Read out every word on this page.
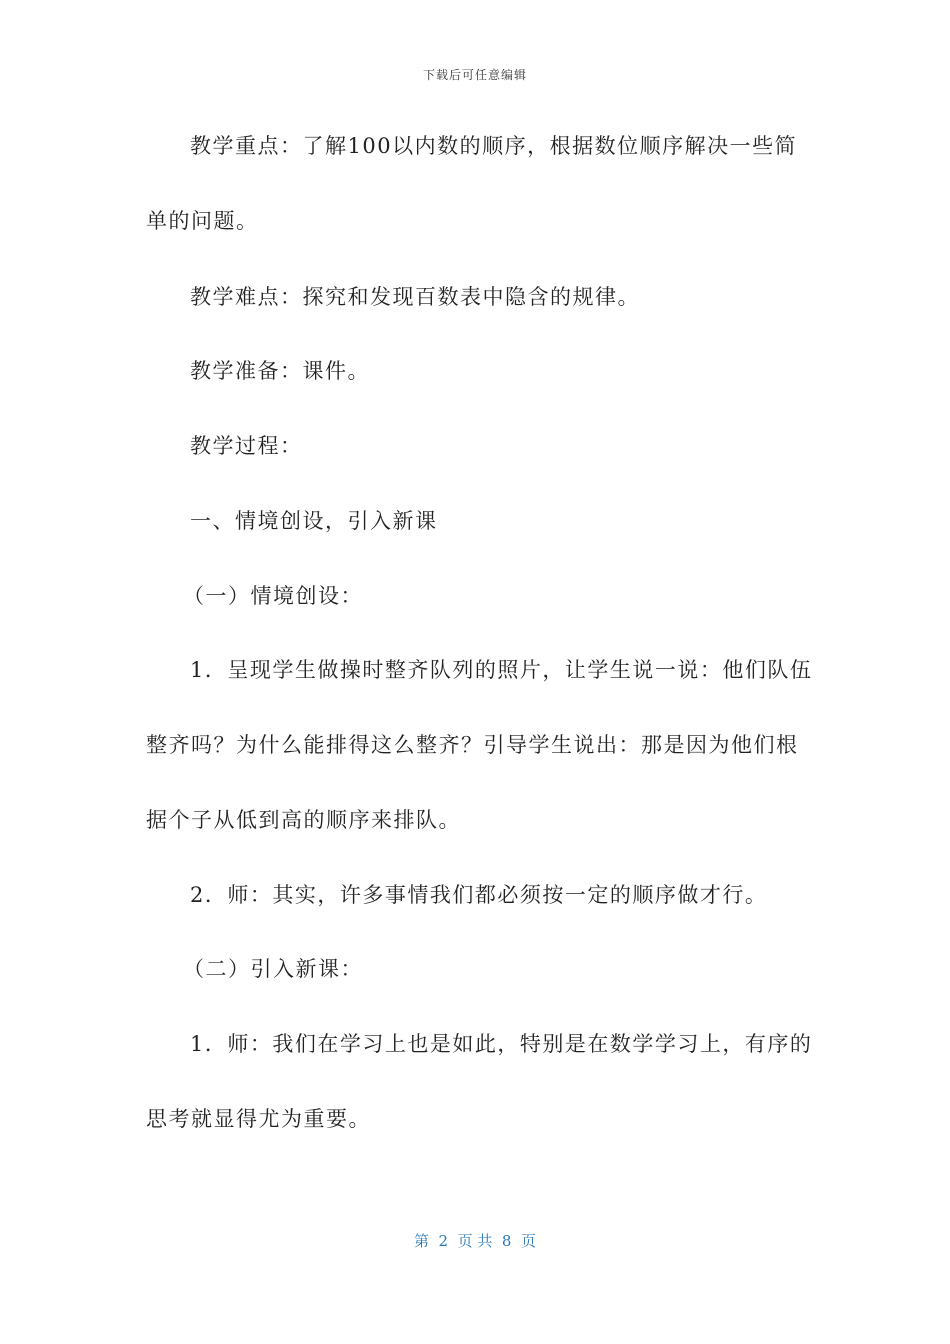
下载后可任意编辑
教学重点：了解100以内数的顺序，根据数位顺序解决一些简
单的问题。
教学难点：探究和发现百数表中隐含的规律。
教学准备：课件。
教学过程：
一、情境创设，引入新课
（一）情境创设：
1．呈现学生做操时整齐队列的照片，让学生说一说：他们队伍
整齐吗？为什么能排得这么整齐？引导学生说出：那是因为他们根
据个子从低到高的顺序来排队。
2．师：其实，许多事情我们都必须按一定的顺序做才行。
（二）引入新课：
1．师：我们在学习上也是如此，特别是在数学学习上，有序的
思考就显得尤为重要。
第  2  页 共  8  页
